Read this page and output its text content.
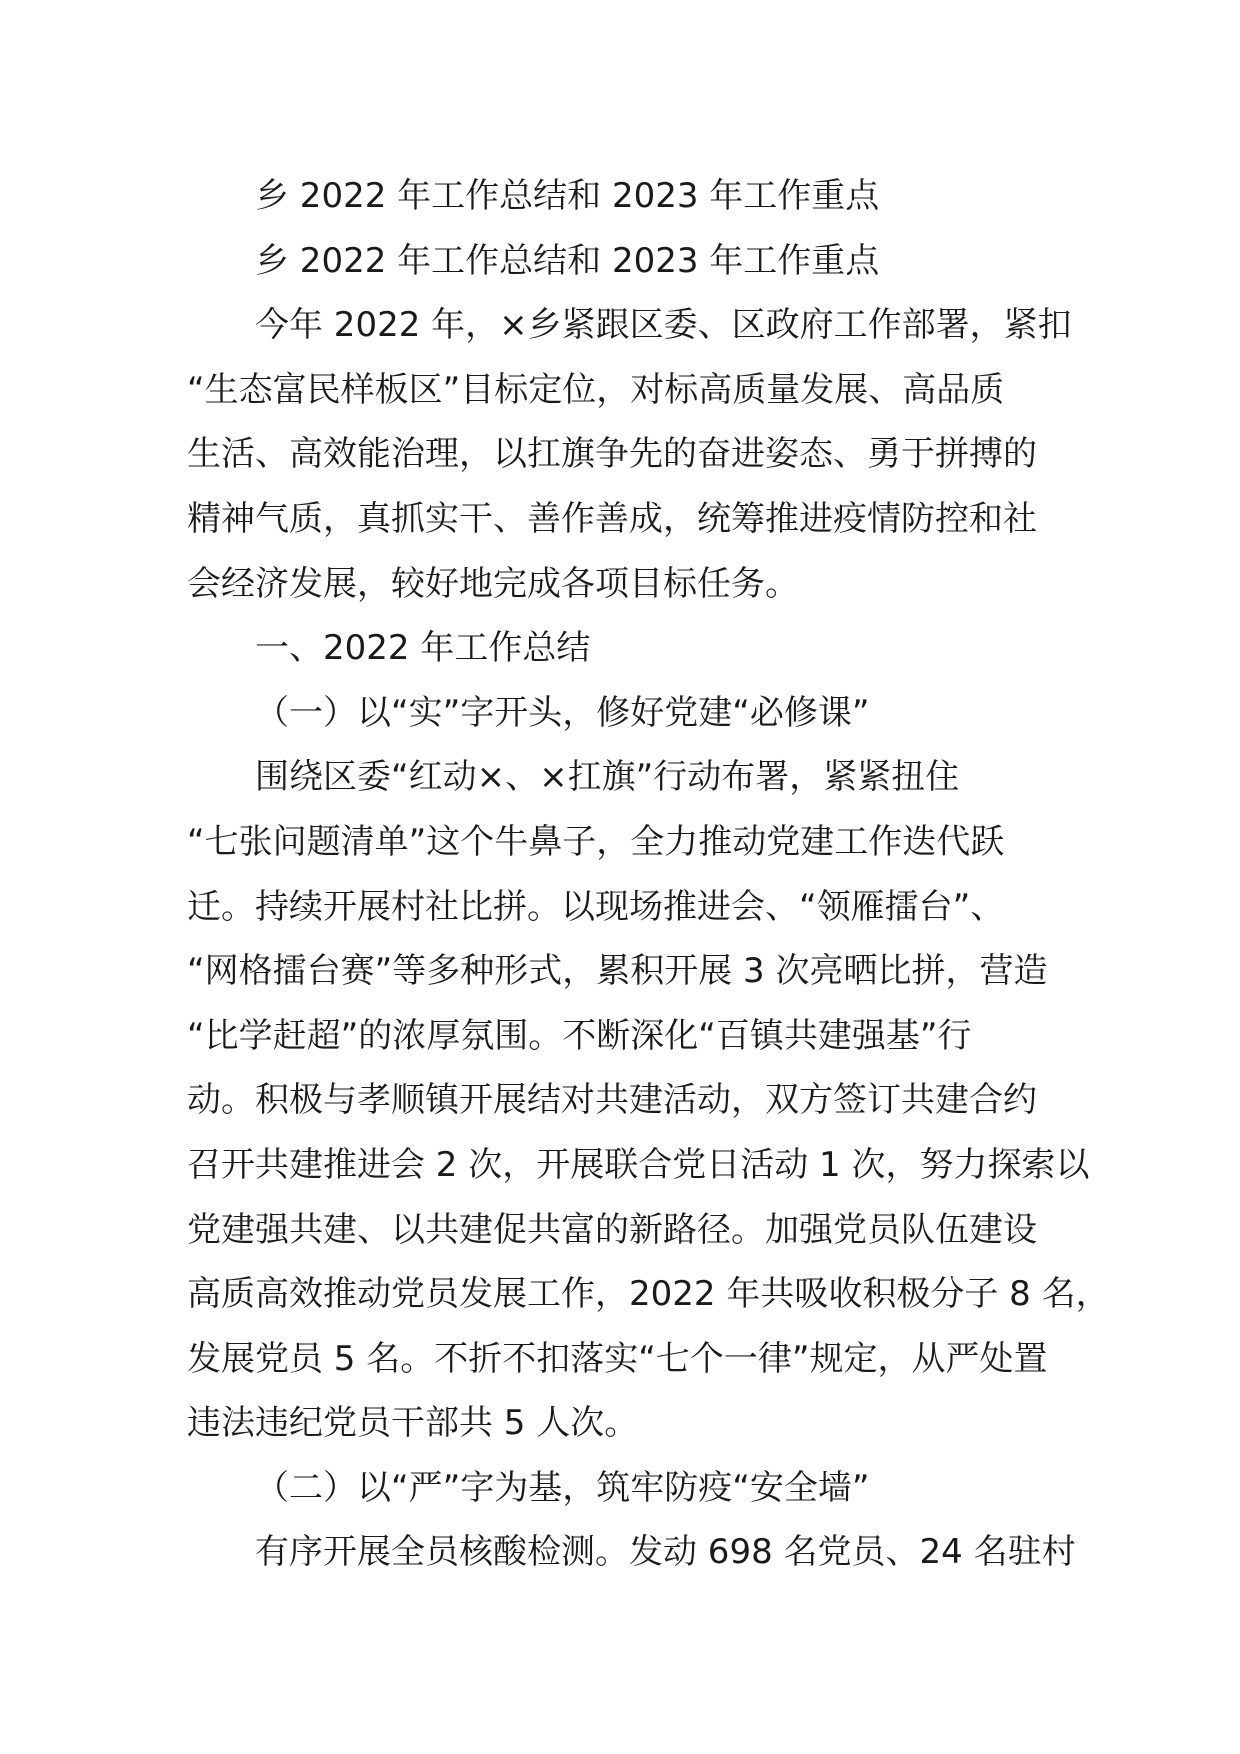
乡 2022 年工作总结和 2023 年工作重点
乡 2022 年工作总结和 2023 年工作重点
今年 2022 年，×乡紧跟区委、区政府工作部署，紧扣
“生态富民样板区”目标定位，对标高质量发展、高品质
生活、高效能治理，以扛旗争先的奋进姿态、勇于拼搏的
精神气质，真抓实干、善作善成，统筹推进疫情防控和社
会经济发展，较好地完成各项目标任务。
一、2022 年工作总结
（一）以“实”字开头，修好党建“必修课”
围绕区委“红动×、×扛旗”行动布署，紧紧扭住
“七张问题清单”这个牛鼻子，全力推动党建工作迭代跃
迁。持续开展村社比拼。以现场推进会、“领雁擂台”、
“网格擂台赛”等多种形式，累积开展 3 次亮晒比拼，营造
“比学赶超”的浓厚氛围。不断深化“百镇共建强基”行
动。积极与孝顺镇开展结对共建活动，双方签订共建合约
召开共建推进会 2 次，开展联合党日活动 1 次，努力探索以
党建强共建、以共建促共富的新路径。加强党员队伍建设
高质高效推动党员发展工作，2022 年共吸收积极分子 8 名，
发展党员 5 名。不折不扣落实“七个一律”规定，从严处置
违法违纪党员干部共 5 人次。
（二）以“严”字为基，筑牢防疫“安全墙”
有序开展全员核酸检测。发动 698 名党员、24 名驻村
